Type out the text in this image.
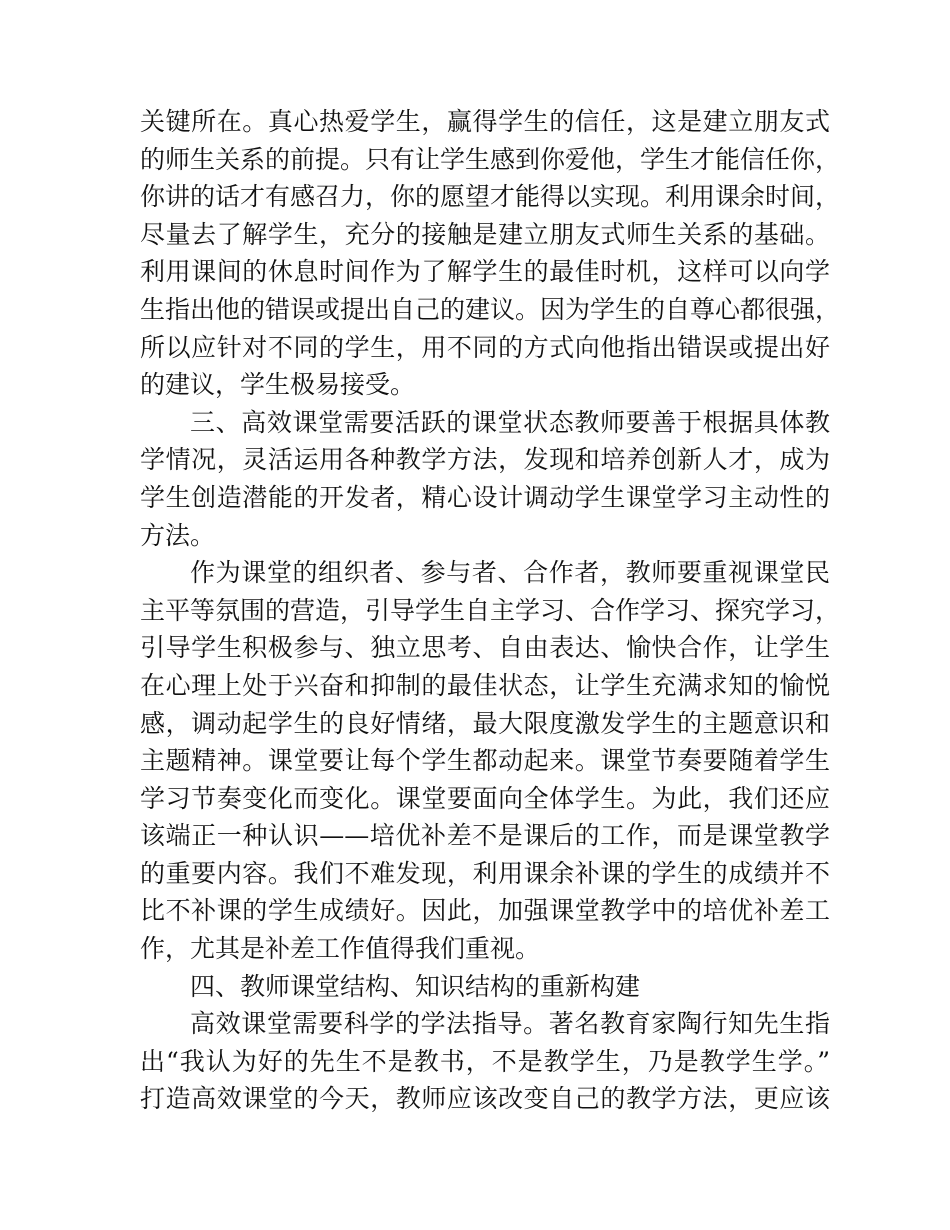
关键所在。真心热爱学生，赢得学生的信任，这是建立朋友式
的师生关系的前提。只有让学生感到你爱他，学生才能信任你，
你讲的话才有感召力，你的愿望才能得以实现。利用课余时间，
尽量去了解学生，充分的接触是建立朋友式师生关系的基础。
利用课间的休息时间作为了解学生的最佳时机，这样可以向学
生指出他的错误或提出自己的建议。因为学生的自尊心都很强，
所以应针对不同的学生，用不同的方式向他指出错误或提出好
的建议，学生极易接受。
三、高效课堂需要活跃的课堂状态教师要善于根据具体教
学情况，灵活运用各种教学方法，发现和培养创新人才，成为
学生创造潜能的开发者，精心设计调动学生课堂学习主动性的
方法。
作为课堂的组织者、参与者、合作者，教师要重视课堂民
主平等氛围的营造，引导学生自主学习、合作学习、探究学习，
引导学生积极参与、独立思考、自由表达、愉快合作，让学生
在心理上处于兴奋和抑制的最佳状态，让学生充满求知的愉悦
感，调动起学生的良好情绪，最大限度激发学生的主题意识和
主题精神。课堂要让每个学生都动起来。课堂节奏要随着学生
学习节奏变化而变化。课堂要面向全体学生。为此，我们还应
该端正一种认识——培优补差不是课后的工作，而是课堂教学
的重要内容。我们不难发现，利用课余补课的学生的成绩并不
比不补课的学生成绩好。因此，加强课堂教学中的培优补差工
作，尤其是补差工作值得我们重视。
四、教师课堂结构、知识结构的重新构建
高效课堂需要科学的学法指导。著名教育家陶行知先生指
出“我认为好的先生不是教书，不是教学生，乃是教学生学。”
打造高效课堂的今天，教师应该改变自己的教学方法，更应该
